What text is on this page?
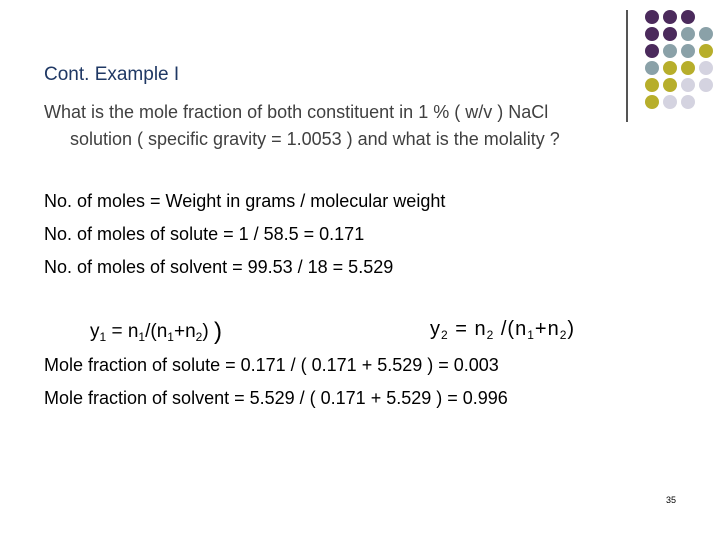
Cont. Example I
What is the mole fraction of both constituent in 1 % ( w/v ) NaCl
solution ( specific gravity = 1.0053 ) and what is the molality ?
No. of moles = Weight in grams / molecular weight
No. of moles of solute = 1 / 58.5 = 0.171
No. of moles of solvent = 99.53 / 18 = 5.529
$y_1 = n_1/(n_1+n_2)$ )	$y_2 = n_2$ $/(n_1+n_2)$
Mole fraction of solute = 0.171 / ( 0.171 + 5.529 ) = 0.003
Mole fraction of solvent = 5.529 / ( 0.171 + 5.529 ) = 0.996
35
